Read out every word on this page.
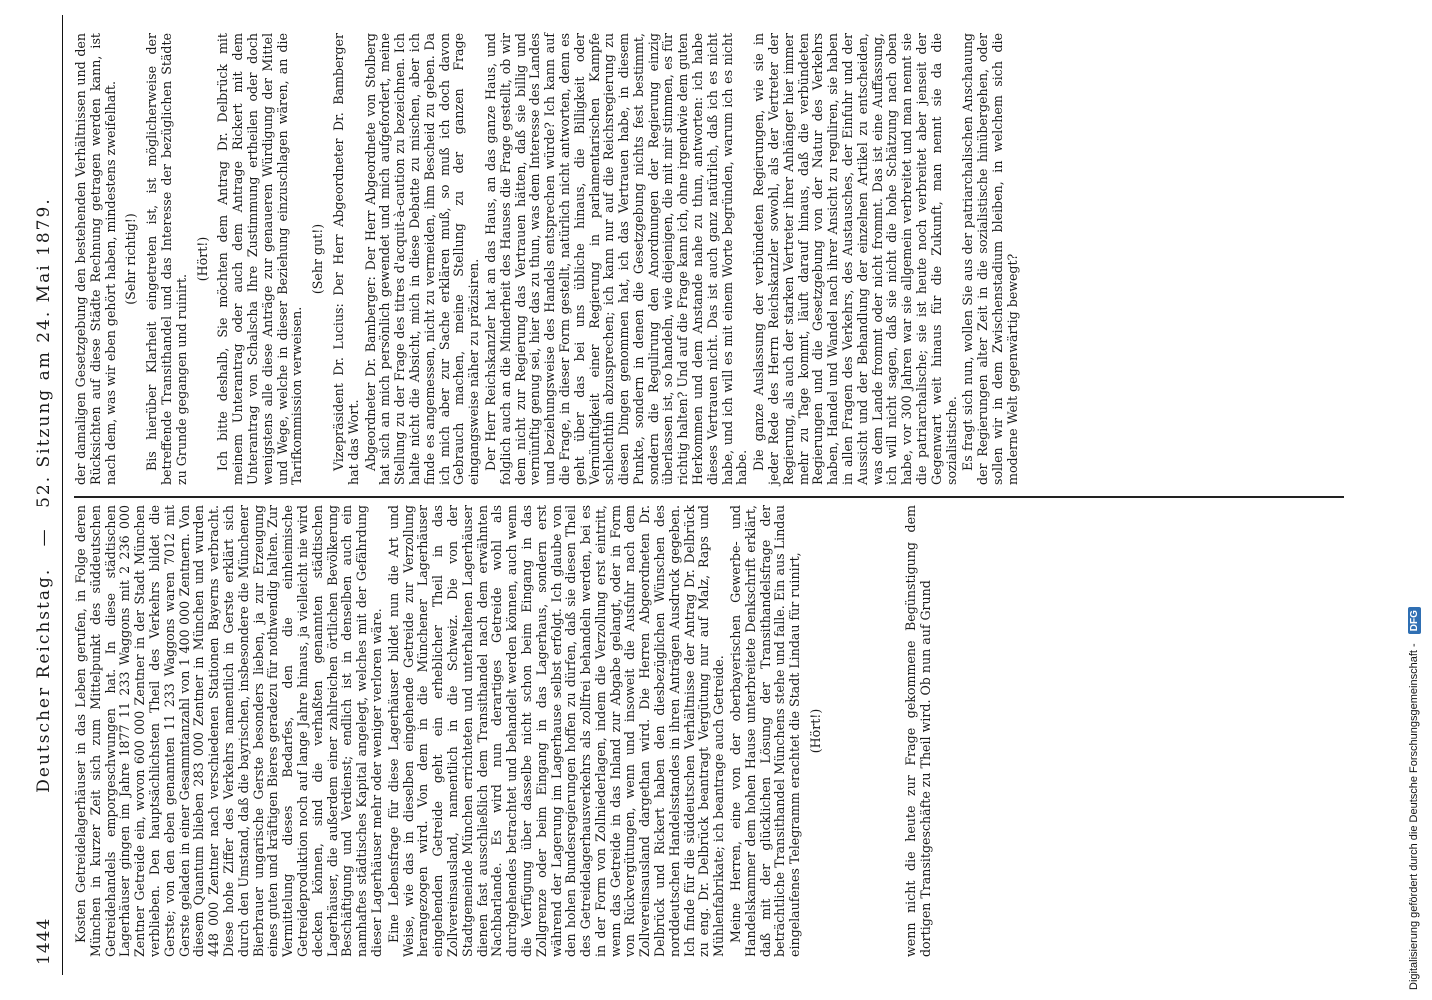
1444
Deutscher Reichstag. — 52. Sitzung am 24. Mai 1879.

Kosten Getreidelagerhäuser in das Leben gerufen, in Folge deren München in kurzer Zeit sich zum Mittelpunkt des süddeutschen Getreidehandels emporgeschwungen hat. In diese städtischen Lagerhäuser gingen im Jahre 1877 11 233 Waggons mit 2 236 000 Zentner Getreide ein, wovon 600 000 Zentner in der Stadt München verblieben. Den hauptsächlichsten Theil des Verkehrs bildet die Gerste; von den eben genannten 11 233 Waggons waren 7012 mit Gerste geladen in einer Gesammtanzahl von 1 400 000 Zentnern. Von diesem Quantum blieben 283 000 Zentner in München und wurden 448 000 Zentner nach verschiedenen Stationen Bayerns verbracht. Diese hohe Ziffer des Verkehrs namentlich in Gerste erklärt sich durch den Umstand, daß die bayrischen, insbesondere die Münchener Bierbrauer ungarische Gerste besonders lieben, ja zur Erzeugung eines guten und kräftigen Bieres geradezu für nothwendig halten. Zur Vermittelung dieses Bedarfes, den die einheimische Getreideproduktion noch auf lange Jahre hinaus, ja vielleicht nie wird decken können, sind die verhaßten genannten städtischen Lagerhäuser, die außerdem einer zahlreichen örtlichen Bevölkerung Beschäftigung und Verdienst; endlich ist in denselben auch ein namhaftes städtisches Kapital angelegt, welches mit der Gefährdung dieser Lagerhäuser mehr oder weniger verloren wäre. Eine Lebensfrage für diese Lagerhäuser bildet nun die Art und Weise, wie das in dieselben eingehende Getreide zur Verzollung herangezogen wird. Von dem in die Münchener Lagerhäuser eingehenden Getreide geht ein erheblicher Theil in das Zollvereinsausland, namentlich in die Schweiz. Die von der Stadtgemeinde München errichteten und unterhaltenen Lagerhäuser dienen fast ausschließlich dem Transithandel nach dem erwähnten Nachbarlande. Es wird nun derartiges Getreide wohl als durchgehendes betrachtet und behandelt werden können, auch wenn die Verfügung über dasselbe nicht schon beim Eingang in das Zollgrenze oder beim Eingang in das Lagerhaus, sondern erst während der Lagerung im Lagerhause selbst erfolgt. Ich glaube von den hohen Bundesregierungen hoffen zu dürfen, daß sie diesen Theil des Getreidelagerhausverkehrs als zollfrei behandeln werden, bei es in der Form von Zollniederlagen, indem die Verzollung erst eintritt, wenn das Getreide in das Inland zur Abgabe gelangt, oder in Form von Rückvergütungen, wenn und insoweit die Ausfuhr nach dem Zollvereinsausland dargethan wird. Die Herren Abgeordneten Dr. Delbrück und Rickert haben den diesbezüglichen Wünschen des norddeutschen Handelsstandes in ihren Anträgen Ausdruck gegeben. Ich finde für die süddeutschen Verhältnisse der Antrag Dr. Delbrück zu eng. Dr. Delbrück beantragt Vergütung nur auf Malz, Raps und Mühlenfabrikate; ich beantrage auch Getreide. Meine Herren, eine von der oberbayerischen Gewerbe- und Handelskammer dem hohen Hause unterbreitete Denkschrift erklärt, daß mit der glücklichen Lösung der Transithandelsfrage der beträchtliche Transithandel Münchens stehe und falle. Ein aus Lindau eingelaufenes Telegramm erachtet die Stadt Lindau für ruinirt, (Hört!)	wenn nicht die heute zur Frage gekommene Begünstigung dem dortigen Transitgeschäfte zu Theil wird. Ob nun auf Grund

der damaligen Gesetzgebung den bestehenden Verhältnissen und den Rücksichten auf diese Städte Rechnung getragen werden kann, ist nach dem, was wir eben gehört haben, mindestens zweifelhaft. (Sehr richtig!) Bis hierüber Klarheit eingetreten ist, ist möglicherweise der betreffende Transithandel und das Interesse der bezüglichen Städte zu Grunde gegangen und ruinirt.

(Hört!) Ich bitte deshalb, Sie möchten dem Antrag Dr. Delbrück mit meinem Unterantrag oder auch dem Antrage Rickert mit dem Unterantrag von Schalscha Ihre Zustimmung ertheilen oder doch wenigstens alle diese Anträge zur genaueren Würdigung der Mittel und Wege, welche in dieser Beziehung einzuschlagen wären, an die Tarifkommission verweisen.

(Sehr gut!) Vizepräsident Dr. Lucius: Der Herr Abgeordneter Dr. Bamberger hat das Wort. Abgeordneter Dr. Bamberger: Der Herr Abgeordnete von Stolberg hat sich an mich persönlich gewendet und mich aufgefordert, meine Stellung zu der Frage des titres d'acquit-à-caution zu bezeichnen. Ich halte nicht die Absicht, mich in diese Debatte zu mischen, aber ich finde es angemessen, nicht zu vermeiden, ihm Bescheid zu geben. Da ich mich aber zur Sache erklären muß, so muß ich doch davon Gebrauch machen, meine Stellung zu der ganzen Frage eingangsweise näher zu präzisiren. Der Herr Reichskanzler hat an das Haus, an das ganze Haus, und folglich auch an die Minderheit des Hauses die Frage gestellt, ob wir dem nicht zur Regierung das Vertrauen hätten, daß sie billig und vernünftig genug sei, hier das zu thun, was dem Interesse des Landes und beziehungsweise des Handels entsprechen würde? Ich kann auf die Frage, in dieser Form gestellt, natürlich nicht antworten, denn es geht über das bei uns übliche hinaus, die Billigkeit oder Vernünftigkeit einer Regierung in parlamentarischen Kampfe schlechthin abzusprechen; ich kann nur auf die Reichsregierung zu diesen Dingen genommen hat, ich das Vertrauen habe, in diesem Punkte, sondern in denen die Gesetzgebung nichts fest bestimmt, sondern die Regulirung den Anordnungen der Regierung einzig überlassen ist, so handeln, wie diejenigen, die mit mir stimmen, es für richtig halten? Und auf die Frage kann ich, ohne irgendwie dem guten Herkommen und dem Anstande nahe zu thun, antworten: ich habe dieses Vertrauen nicht. Das ist auch ganz natürlich, daß ich es nicht habe, und ich will es mit einem Worte begründen, warum ich es nicht habe. Die ganze Auslassung der verbündeten Regierungen, wie sie in jeder Rede des Herrn Reichskanzler sowohl, als der Vertreter der Regierung, als auch der starken Vertreter ihrer Anhänger hier immer mehr zu Tage kommt, läuft darauf hinaus, daß die verbündeten Regierungen und die Gesetzgebung von der Natur des Verkehrs haben, Handel und Wandel nach ihrer Ansicht zu reguliren, sie haben in allen Fragen des Verkehrs, des Austausches, der Einfuhr und der Aussicht und der Behandlung der einzelnen Artikel zu entscheiden, was dem Lande frommt oder nicht frommt. Das ist eine Auffassung, ich will nicht sagen, daß sie nicht die hohe Schätzung nach oben habe, vor 300 Jahren war sie allgemein verbreitet und man nennt sie die patriarchalische; sie ist heute noch verbreitet aber jenseit der Gegenwart weit hinaus für die Zukunft, man nennt sie da die sozialistische. Es fragt sich nun, wollen Sie aus der patriarchalischen Anschauung der Regierungen alter Zeit in die sozialistische hinübergehen, oder sollen wir in dem Zwischenstadium bleiben, in welchem sich die moderne Welt gegenwärtig bewegt?

Digitalisierung gefördert durch die Deutsche Forschungsgemeinschaft - DFG
